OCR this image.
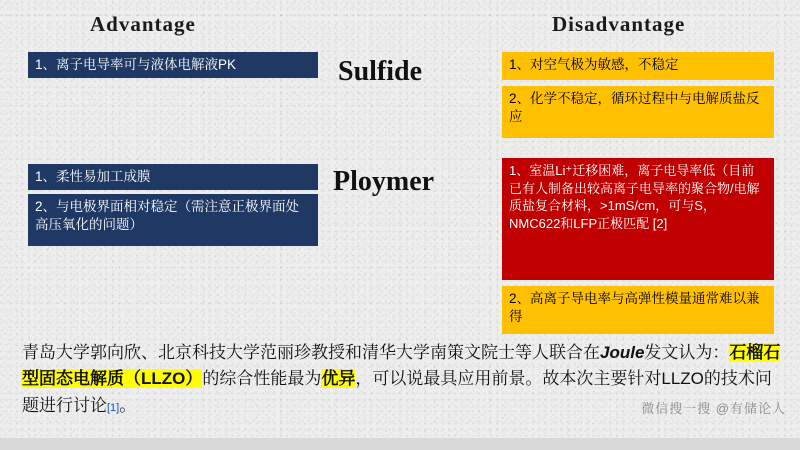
Advantage	Disadvantage
Sulfide
Ploymer
1、离子电导率可与液体电解液PK
1、柔性易加工成膜
2、与电极界面相对稳定（需注意正极界面处高压氧化的问题）
1、对空气极为敏感，不稳定
2、化学不稳定，循环过程中与电解质盐反应
1、室温Li⁺迁移困难，离子电导率低（目前已有人制备出较高离子电导率的聚合物/电解质盐复合材料，>1mS/cm，可与S，NMC622和LFP正极匹配 [2]
2、高离子导电率与高弹性模量通常难以兼得
青岛大学郭向欣、北京科技大学范丽珍教授和清华大学南策文院士等人联合在Joule发文认为：石榴石型固态电解质（LLZO）的综合性能最为优异，可以说最具应用前景。故本次主要针对LLZO的技术问题进行讨论[1]。	微信搜一搜 @有储论人
